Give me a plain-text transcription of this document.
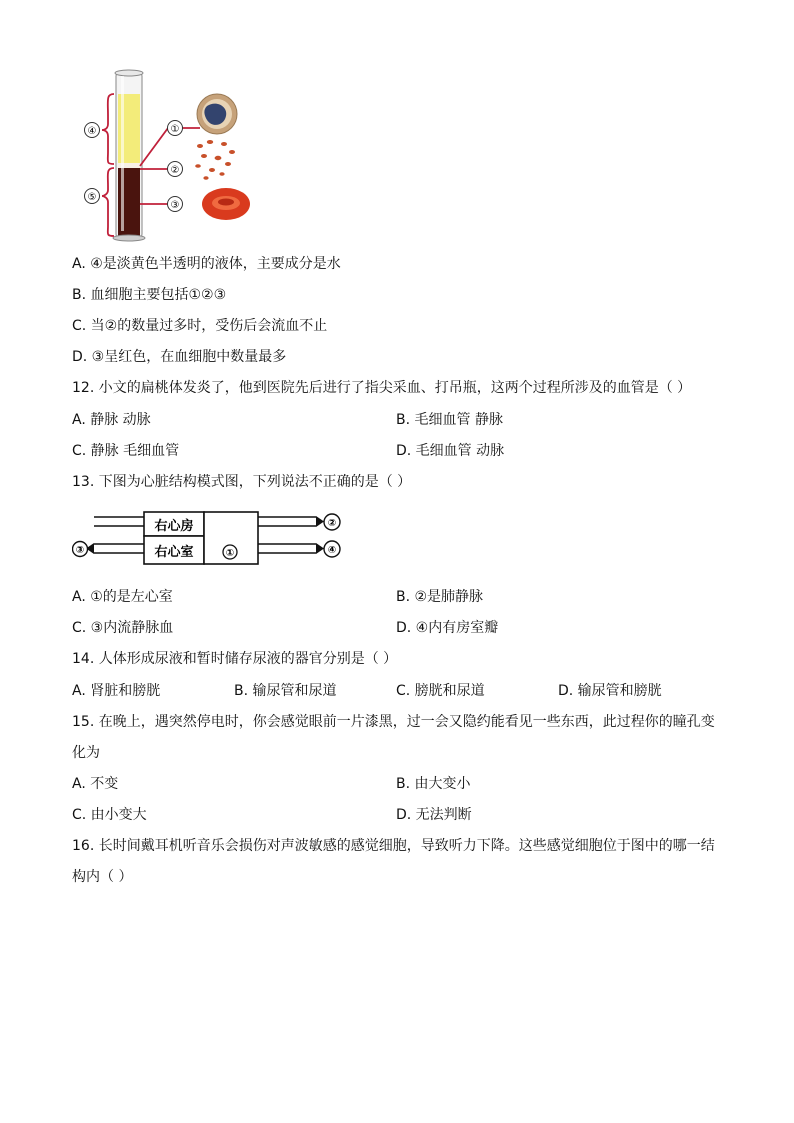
④
⑤
①
②
③
A. ④是淡黄色半透明的液体，主要成分是水
B. 血细胞主要包括①②③
C. 当②的数量过多时，受伤后会流血不止
D. ③呈红色，在血细胞中数量最多
12. 小文的扁桃体发炎了，他到医院先后进行了指尖采血、打吊瓶，这两个过程所涉及的血管是（ ）
A. 静脉 动脉	B. 毛细血管 静脉
C. 静脉 毛细血管	D. 毛细血管 动脉
13. 下图为心脏结构模式图，下列说法不正确的是（ ）
右心房
右心室	①
②
③	④
A. ①的是左心室	B. ②是肺静脉
C. ③内流静脉血	D. ④内有房室瓣
14. 人体形成尿液和暂时储存尿液的器官分别是（ ）
A. 肾脏和膀胱	B. 输尿管和尿道	C. 膀胱和尿道	D. 输尿管和膀胱
15. 在晚上，遇突然停电时，你会感觉眼前一片漆黑，过一会又隐约能看见一些东西，此过程你的瞳孔变
化为
A. 不变	B. 由大变小
C. 由小变大	D. 无法判断
16. 长时间戴耳机听音乐会损伤对声波敏感的感觉细胞，导致听力下降。这些感觉细胞位于图中的哪一结
构内（ ）
